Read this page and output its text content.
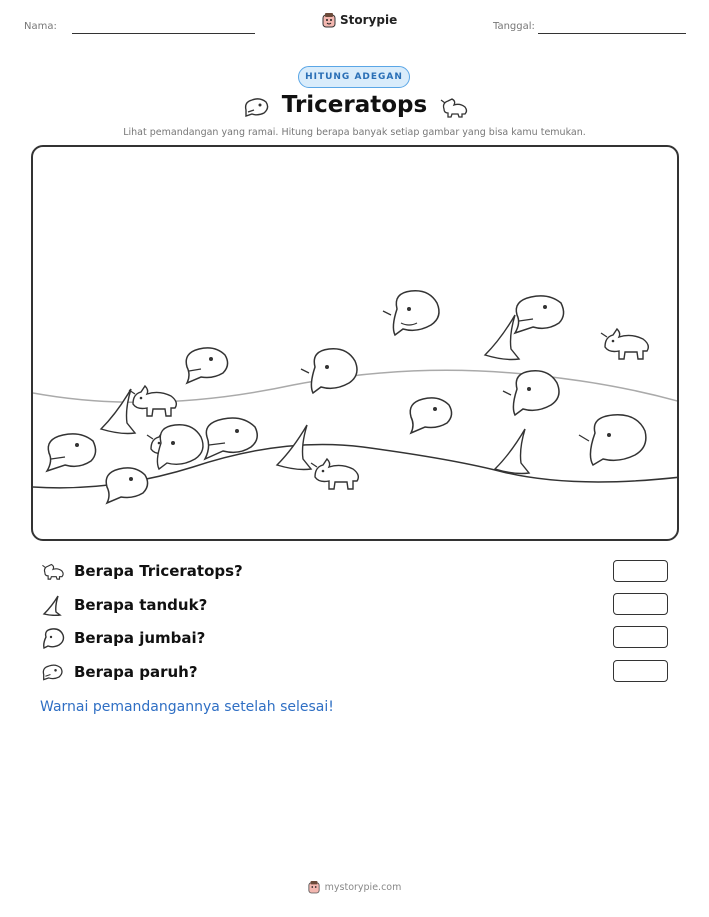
Nama:	Storypie	Tanggal:
HITUNG ADEGAN
Triceratops
Lihat pemandangan yang ramai. Hitung berapa banyak setiap gambar yang bisa kamu temukan.
Berapa Triceratops?
Berapa tanduk?
Berapa jumbai?
Berapa paruh?
Warnai pemandangannya setelah selesai!
mystorypie.com
